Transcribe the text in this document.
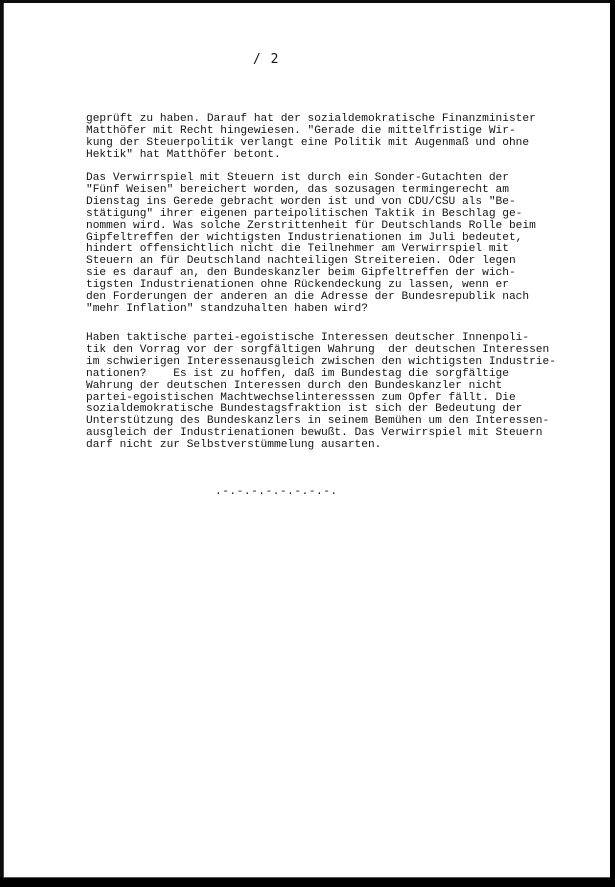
/ 2

geprüft zu haben. Darauf hat der sozialdemokratische Finanzminister
Matthöfer mit Recht hingewiesen. "Gerade die mittelfristige Wir-
kung der Steuerpolitik verlangt eine Politik mit Augenmaß und ohne
Hektik" hat Matthöfer betont.

Das Verwirrspiel mit Steuern ist durch ein Sonder-Gutachten der
"Fünf Weisen" bereichert worden, das sozusagen termingerecht am
Dienstag ins Gerede gebracht worden ist und von CDU/CSU als "Be-
stätigung" ihrer eigenen parteipolitischen Taktik in Beschlag ge-
nommen wird. Was solche Zerstrittenheit für Deutschlands Rolle beim
Gipfeltreffen der wichtigsten Industrienationen im Juli bedeutet,
hindert offensichtlich nicht die Teilnehmer am Verwirrspiel mit
Steuern an für Deutschland nachteiligen Streitereien. Oder legen
sie es darauf an, den Bundeskanzler beim Gipfeltreffen der wich-
tigsten Industrienationen ohne Rückendeckung zu lassen, wenn er
den Forderungen der anderen an die Adresse der Bundesrepublik nach
"mehr Inflation" standzuhalten haben wird?

Haben taktische partei-egoistische Interessen deutscher Innenpoli-
tik den Vorrag vor der sorgfältigen Wahrung  der deutschen Interessen
im schwierigen Interessenausgleich zwischen den wichtigsten Industrie-
nationen?    Es ist zu hoffen, daß im Bundestag die sorgfältige
Wahrung der deutschen Interessen durch den Bundeskanzler nicht
partei-egoistischen Machtwechselinteresssen zum Opfer fällt. Die
sozialdemokratische Bundestagsfraktion ist sich der Bedeutung der
Unterstützung des Bundeskanzlers in seinem Bemühen um den Interessen-
ausgleich der Industrienationen bewußt. Das Verwirrspiel mit Steuern
darf nicht zur Selbstverstümmelung ausarten.

.-.-.-.-.-.-.-.-.
